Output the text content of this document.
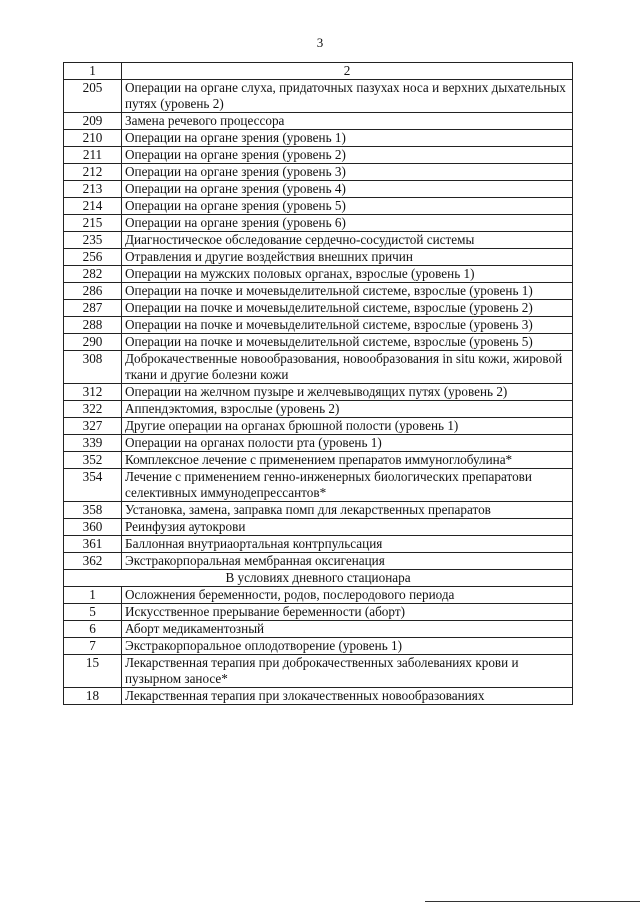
3
1	2
205	Операции на органе слуха, придаточных пазухах носа и верхних дыхательных путях (уровень 2)
209	Замена речевого процессора
210	Операции на органе зрения (уровень 1)
211	Операции на органе зрения (уровень 2)
212	Операции на органе зрения (уровень 3)
213	Операции на органе зрения (уровень 4)
214	Операции на органе зрения (уровень 5)
215	Операции на органе зрения (уровень 6)
235	Диагностическое обследование сердечно-сосудистой системы
256	Отравления и другие воздействия внешних причин
282	Операции на мужских половых органах, взрослые (уровень 1)
286	Операции на почке и мочевыделительной системе, взрослые (уровень 1)
287	Операции на почке и мочевыделительной системе, взрослые (уровень 2)
288	Операции на почке и мочевыделительной системе, взрослые (уровень 3)
290	Операции на почке и мочевыделительной системе, взрослые (уровень 5)
308	Доброкачественные новообразования, новообразования in situ кожи, жировой ткани и другие болезни кожи
312	Операции на желчном пузыре и желчевыводящих путях (уровень 2)
322	Аппендэктомия, взрослые (уровень 2)
327	Другие операции на органах брюшной полости (уровень 1)
339	Операции на органах полости рта (уровень 1)
352	Комплексное лечение с применением препаратов иммуноглобулина*
354	Лечение с применением генно-инженерных биологических препаратови селективных иммунодепрессантов*
358	Установка, замена, заправка помп для лекарственных препаратов
360	Реинфузия аутокрови
361	Баллонная внутриаортальная контрпульсация
362	Экстракорпоральная мембранная оксигенация
В условиях дневного стационара	
1	Осложнения беременности, родов, послеродового периода
5	Искусственное прерывание беременности (аборт)
6	Аборт медикаментозный
7	Экстракорпоральное оплодотворение (уровень 1)
15	Лекарственная терапия при доброкачественных заболеваниях крови и пузырном заносе*
18	Лекарственная терапия при злокачественных новообразованиях
